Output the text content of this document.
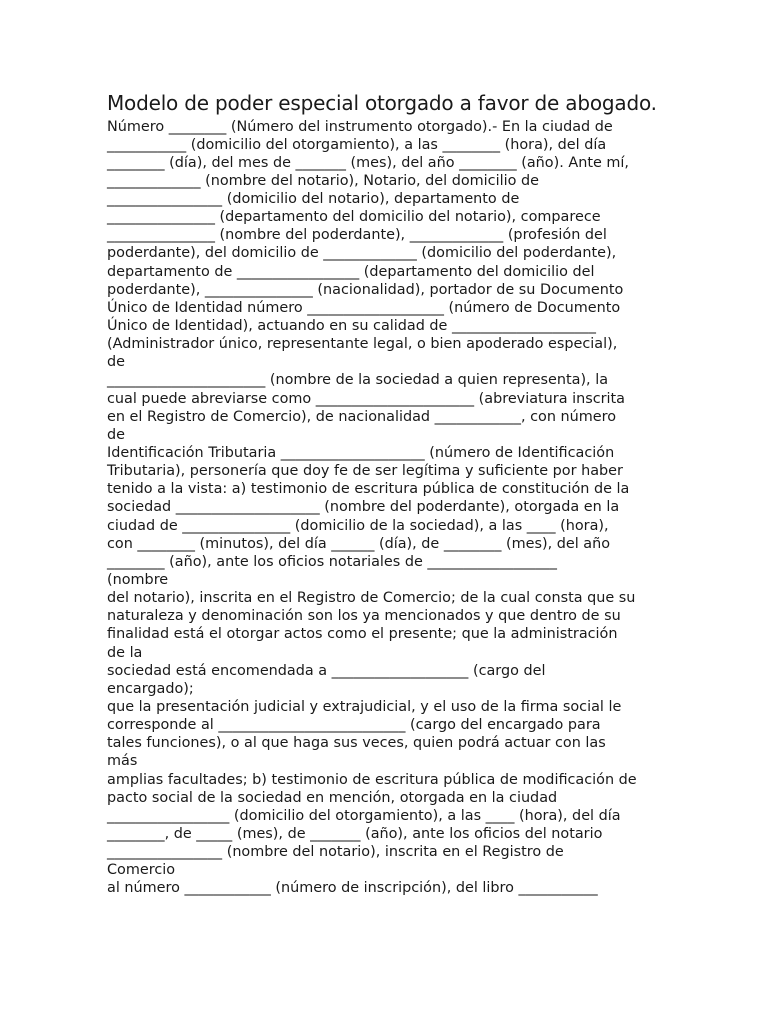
Modelo de poder especial otorgado a favor de abogado.
Número ________ (Número del instrumento otorgado).- En la ciudad de
___________ (domicilio del otorgamiento), a las ________ (hora), del día
________ (día), del mes de _______ (mes), del año ________ (año). Ante mí,
_____________ (nombre del notario), Notario, del domicilio de
________________ (domicilio del notario), departamento de
_______________ (departamento del domicilio del notario), comparece
_______________ (nombre del poderdante), _____________ (profesión del
poderdante), del domicilio de _____________ (domicilio del poderdante),
departamento de _________________ (departamento del domicilio del
poderdante), _______________ (nacionalidad), portador de su Documento
Único de Identidad número ___________________ (número de Documento
Único de Identidad), actuando en su calidad de ____________________
(Administrador único, representante legal, o bien apoderado especial),
de
______________________ (nombre de la sociedad a quien representa), la
cual puede abreviarse como ______________________ (abreviatura inscrita
en el Registro de Comercio), de nacionalidad ____________, con número
de
Identificación Tributaria ____________________ (número de Identificación
Tributaria), personería que doy fe de ser legítima y suficiente por haber
tenido a la vista: a) testimonio de escritura pública de constitución de la
sociedad ____________________ (nombre del poderdante), otorgada en la
ciudad de _______________ (domicilio de la sociedad), a las ____ (hora),
con ________ (minutos), del día ______ (día), de ________ (mes), del año
________ (año), ante los oficios notariales de __________________
(nombre
del notario), inscrita en el Registro de Comercio; de la cual consta que su
naturaleza y denominación son los ya mencionados y que dentro de su
finalidad está el otorgar actos como el presente; que la administración
de la
sociedad está encomendada a ___________________ (cargo del
encargado);
que la presentación judicial y extrajudicial, y el uso de la firma social le
corresponde al __________________________ (cargo del encargado para
tales funciones), o al que haga sus veces, quien podrá actuar con las
más
amplias facultades; b) testimonio de escritura pública de modificación de
pacto social de la sociedad en mención, otorgada en la ciudad
_________________ (domicilio del otorgamiento), a las ____ (hora), del día
________, de _____ (mes), de _______ (año), ante los oficios del notario
________________ (nombre del notario), inscrita en el Registro de
Comercio
al número ____________ (número de inscripción), del libro ___________
